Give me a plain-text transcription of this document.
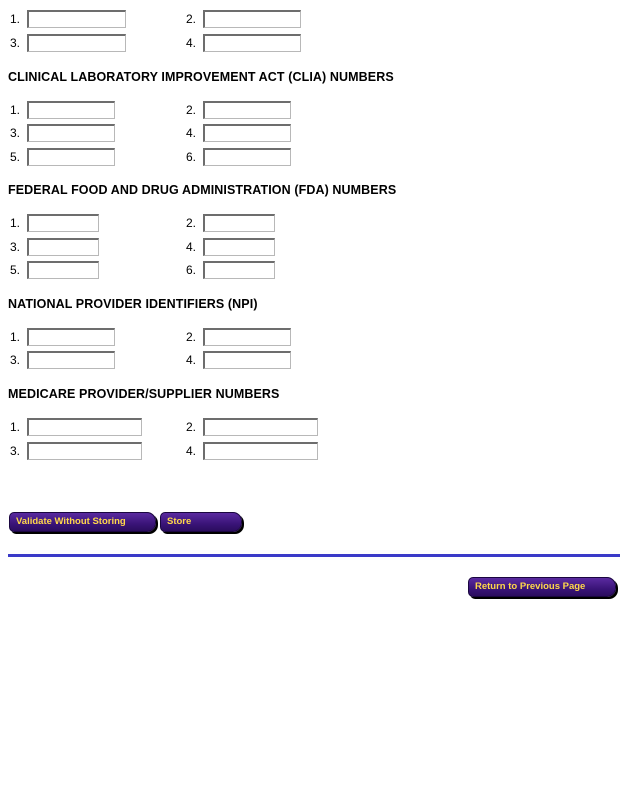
1.	2.
3.	4.
CLINICAL LABORATORY IMPROVEMENT ACT (CLIA) NUMBERS
1.	2.
3.	4.
5.	6.
FEDERAL FOOD AND DRUG ADMINISTRATION (FDA) NUMBERS
1.	2.
3.	4.
5.	6.
NATIONAL PROVIDER IDENTIFIERS (NPI)
1.	2.
3.	4.
MEDICARE PROVIDER/SUPPLIER NUMBERS
1.	2.
3.	4.
Validate Without Storing	Store
Return to Previous Page
